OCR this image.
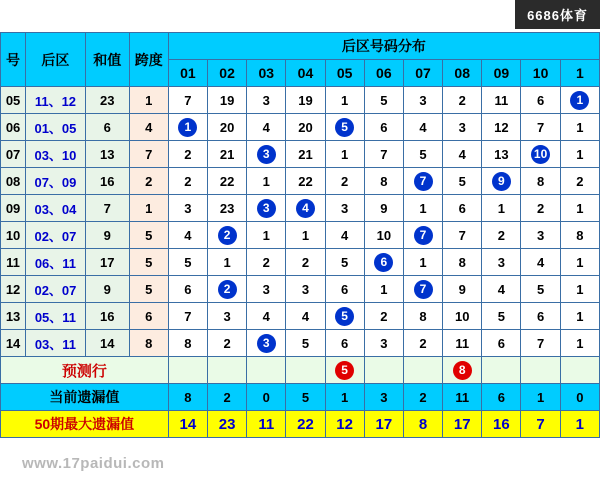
6686体育
号	后区	和值	跨度	后区号码分布										
				01	02	03	04	05	06	07	08	09	10	1
05	11、12	23	1	7	19	3	19	1	5	3	2	11	6	1
06	01、05	6	4	1	20	4	20	5	6	4	3	12	7	1
07	03、10	13	7	2	21	3	21	1	7	5	4	13	10	1
08	07、09	16	2	2	22	1	22	2	8	7	5	9	8	2
09	03、04	7	1	3	23	3	4	3	9	1	6	1	2	1
10	02、07	9	5	4	2	1	1	4	10	7	7	2	3	8
11	06、11	17	5	5	1	2	2	5	6	1	8	3	4	1
12	02、07	9	5	6	2	3	3	6	1	7	9	4	5	1
13	05、11	16	6	7	3	4	4	5	2	8	10	5	6	1
14	03、11	14	8	8	2	3	5	6	3	2	11	6	7	1
预测行								5			8			
当前遗漏值				8	2	0	5	1	3	2	11	6	1	0
50期最大遗漏值				14	23	11	22	12	17	8	17	16	7	1
www.17paidui.com
